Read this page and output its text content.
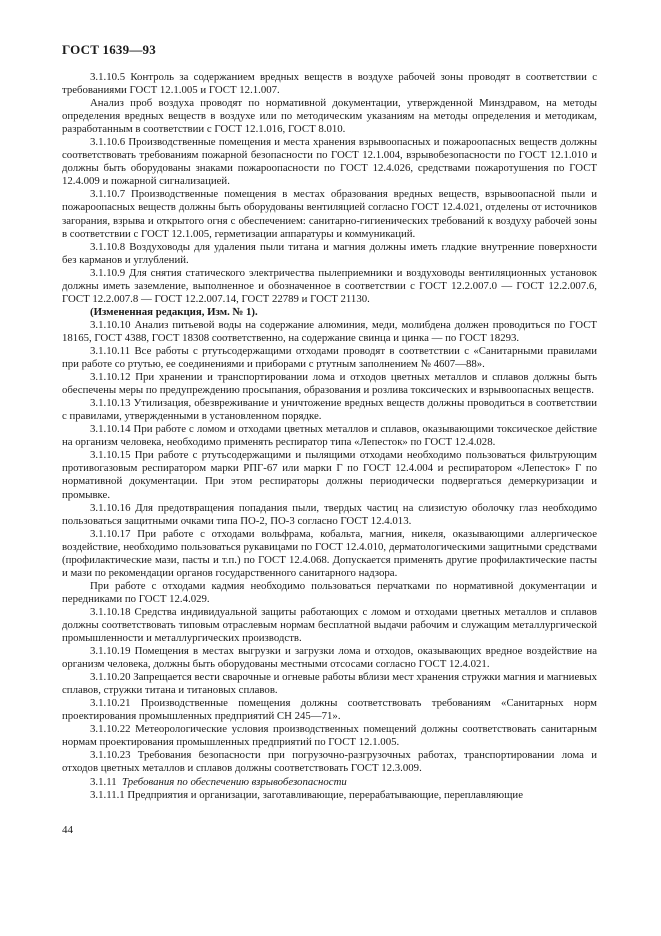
ГОСТ 1639—93

3.1.10.5 Контроль за содержанием вредных веществ в воздухе рабочей зоны проводят в соответствии с требованиями ГОСТ 12.1.005 и ГОСТ 12.1.007.

Анализ проб воздуха проводят по нормативной документации, утвержденной Минздравом, на методы определения вредных веществ в воздухе или по методическим указаниям на методы определения и методикам, разработанным в соответствии с ГОСТ 12.1.016, ГОСТ 8.010.

3.1.10.6 Производственные помещения и места хранения взрывоопасных и пожароопасных веществ должны соответствовать требованиям пожарной безопасности по ГОСТ 12.1.004, взрывобезопасности по ГОСТ 12.1.010 и должны быть оборудованы знаками пожароопасности по ГОСТ 12.4.026, средствами пожаротушения по ГОСТ 12.4.009 и пожарной сигнализацией.

3.1.10.7 Производственные помещения в местах образования вредных веществ, взрывоопасной пыли и пожароопасных веществ должны быть оборудованы вентиляцией согласно ГОСТ 12.4.021, отделены от источников загорания, взрыва и открытого огня с обеспечением: санитарно-гигиенических требований к воздуху рабочей зоны в соответствии с ГОСТ 12.1.005, герметизации аппаратуры и коммуникаций.

3.1.10.8 Воздуховоды для удаления пыли титана и магния должны иметь гладкие внутренние поверхности без карманов и углублений.

3.1.10.9 Для снятия статического электричества пылеприемники и воздуховоды вентиляционных установок должны иметь заземление, выполненное и обозначенное в соответствии с ГОСТ 12.2.007.0 — ГОСТ 12.2.007.6, ГОСТ 12.2.007.8 — ГОСТ 12.2.007.14, ГОСТ 22789 и ГОСТ 21130.

(Измененная редакция, Изм. № 1).

3.1.10.10 Анализ питьевой воды на содержание алюминия, меди, молибдена должен проводиться по ГОСТ 18165, ГОСТ 4388, ГОСТ 18308 соответственно, на содержание свинца и цинка — по ГОСТ 18293.

3.1.10.11 Все работы с ртутьсодержащими отходами проводят в соответствии с «Санитарными правилами при работе со ртутью, ее соединениями и приборами с ртутным заполнением № 4607—88».

3.1.10.12 При хранении и транспортировании лома и отходов цветных металлов и сплавов должны быть обеспечены меры по предупреждению просыпания, образования и розлива токсических и взрывоопасных веществ.

3.1.10.13 Утилизация, обезвреживание и уничтожение вредных веществ должны проводиться в соответствии с правилами, утвержденными в установленном порядке.

3.1.10.14 При работе с ломом и отходами цветных металлов и сплавов, оказывающими токсическое действие на организм человека, необходимо применять респиратор типа «Лепесток» по ГОСТ 12.4.028.

3.1.10.15 При работе с ртутьсодержащими и пылящими отходами необходимо пользоваться фильтрующим противогазовым респиратором марки РПГ-67 или марки Г по ГОСТ 12.4.004 и респиратором «Лепесток» Г по нормативной документации. При этом респираторы должны периодически подвергаться демеркуризации и промывке.

3.1.10.16 Для предотвращения попадания пыли, твердых частиц на слизистую оболочку глаз необходимо пользоваться защитными очками типа ПО-2, ПО-3 согласно ГОСТ 12.4.013.

3.1.10.17 При работе с отходами вольфрама, кобальта, магния, никеля, оказывающими аллергическое воздействие, необходимо пользоваться рукавицами по ГОСТ 12.4.010, дерматологическими защитными средствами (профилактические мази, пасты и т.п.) по ГОСТ 12.4.068. Допускается применять другие профилактические пасты и мази по рекомендации органов государственного санитарного надзора.

При работе с отходами кадмия необходимо пользоваться перчатками по нормативной документации и передниками по ГОСТ 12.4.029.

3.1.10.18 Средства индивидуальной защиты работающих с ломом и отходами цветных металлов и сплавов должны соответствовать типовым отраслевым нормам бесплатной выдачи рабочим и служащим металлургической промышленности и металлургических производств.

3.1.10.19 Помещения в местах выгрузки и загрузки лома и отходов, оказывающих вредное воздействие на организм человека, должны быть оборудованы местными отсосами согласно ГОСТ 12.4.021.

3.1.10.20 Запрещается вести сварочные и огневые работы вблизи мест хранения стружки магния и магниевых сплавов, стружки титана и титановых сплавов.

3.1.10.21 Производственные помещения должны соответствовать требованиям «Санитарных норм проектирования промышленных предприятий СН 245—71».

3.1.10.22 Метеорологические условия производственных помещений должны соответствовать санитарным нормам проектирования промышленных предприятий по ГОСТ 12.1.005.

3.1.10.23 Требования безопасности при погрузочно-разгрузочных работах, транспортировании лома и отходов цветных металлов и сплавов должны соответствовать ГОСТ 12.3.009.

3.1.11 Требования по обеспечению взрывобезопасности

3.1.11.1 Предприятия и организации, заготавливающие, перерабатывающие, переплавляющие

44
